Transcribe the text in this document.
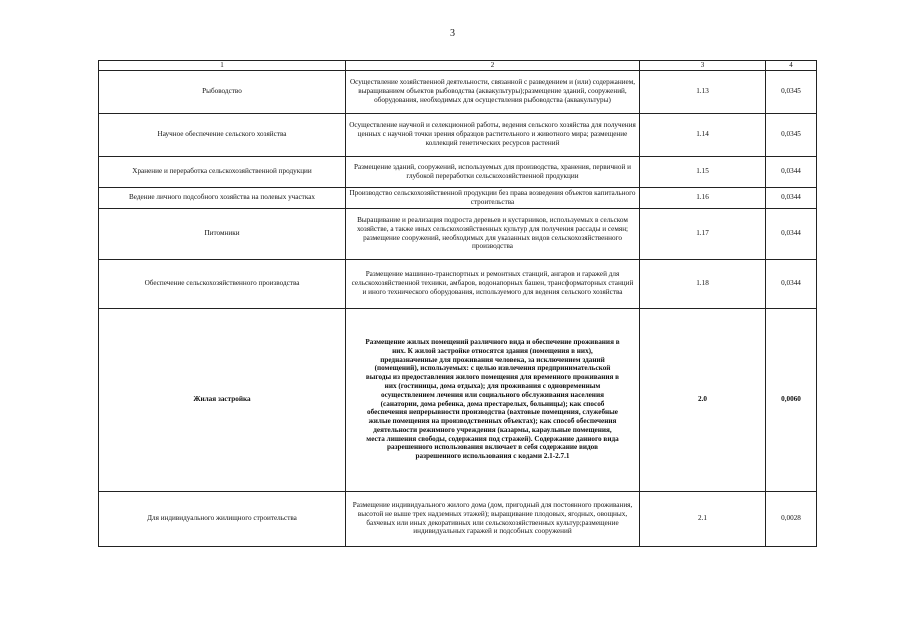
3
1	2	3	4
Рыбоводство	Осуществление хозяйственной деятельности, связанной с разведением и (или) содержанием, выращиванием объектов рыбоводства (аквакультуры);размещение зданий, сооружений, оборудования, необходимых для осуществления рыбоводства (аквакультуры)	1.13	0,0345
Научное обеспечение сельского хозяйства	Осуществление научной и селекционной работы, ведения сельского хозяйства для получения ценных с научной точки зрения образцов растительного и животного мира; размещение коллекций генетических ресурсов растений	1.14	0,0345
Хранение и переработка сельскохозяйственной продукции	Размещение зданий, сооружений, используемых для производства, хранения, первичной и глубокой переработки сельскохозяйственной продукции	1.15	0,0344
Ведение личного подсобного хозяйства на полевых участках	Производство сельскохозяйственной продукции без права возведения объектов капитального строительства	1.16	0,0344
Питомники	Выращивание и реализация подроста деревьев и кустарников, используемых в сельском хозяйстве, а также иных сельскохозяйственных культур для получения рассады и семян; размещение сооружений, необходимых для указанных видов сельскохозяйственного производства	1.17	0,0344
Обеспечение сельскохозяйственного производства	Размещение машинно-транспортных и ремонтных станций, ангаров и гаражей для сельскохозяйственной техники, амбаров, водонапорных башен, трансформаторных станций и иного технического оборудования, используемого для ведения сельского хозяйства	1.18	0,0344
Жилая застройка	Размещение жилых помещений различного вида и обеспечение проживания в них. К жилой застройке относятся здания (помещения в них), предназначенные для проживания человека, за исключением зданий (помещений), используемых: с целью извлечения предпринимательской выгоды из предоставления жилого помещения для временного проживания в них (гостиницы, дома отдыха); для проживания с одновременным осуществлением лечения или социального обслуживания населения (санатории, дома ребенка, дома престарелых, больницы); как способ обеспечения непрерывности производства (вахтовые помещения, служебные жилые помещения на производственных объектах); как способ обеспечения деятельности режимного учреждения (казармы, караульные помещения, места лишения свободы, содержания под стражей). Содержание данного вида разрешенного использования включает в себя содержание видов разрешенного использования с кодами 2.1-2.7.1	2.0	0,0060
Для индивидуального жилищного строительства	Размещение индивидуального жилого дома (дом, пригодный для постоянного проживания, высотой не выше трех надземных этажей); выращивание плодовых, ягодных, овощных, бахчевых или иных декоративных или сельскохозяйственных культур;размещение индивидуальных гаражей и подсобных сооружений	2.1	0,0028
